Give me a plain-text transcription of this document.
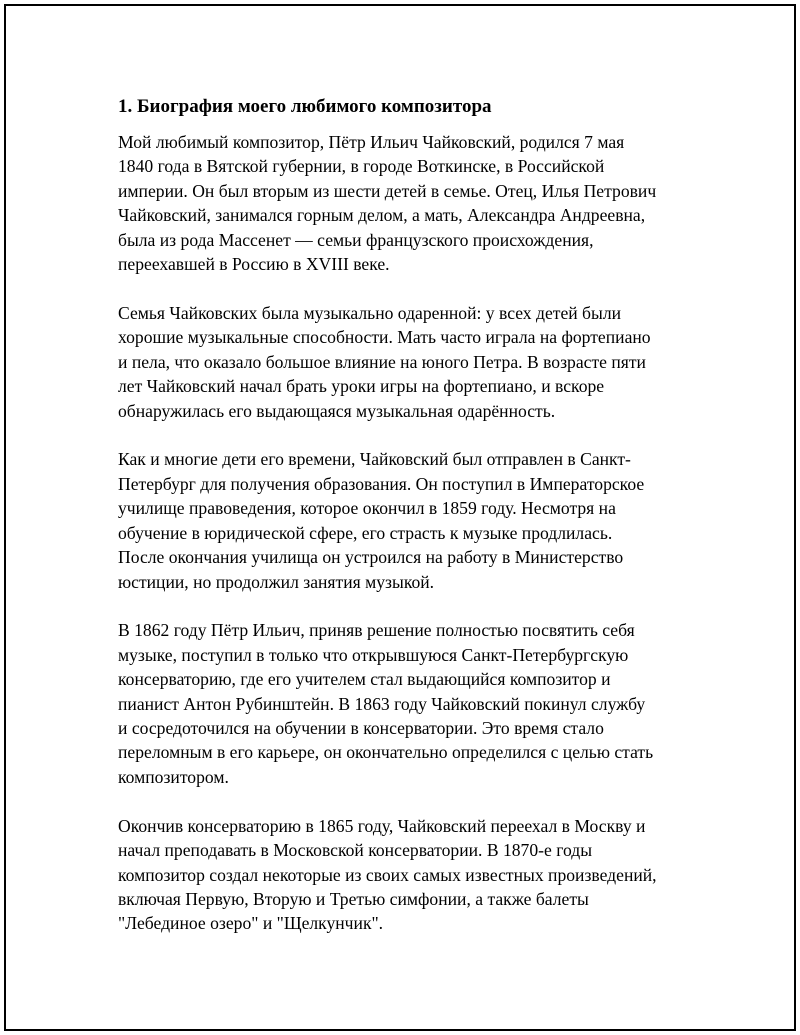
1. Биография моего любимого композитора
Мой любимый композитор, Пётр Ильич Чайковский, родился 7 мая
1840 года в Вятской губернии, в городе Воткинске, в Российской
империи. Он был вторым из шести детей в семье. Отец, Илья Петрович
Чайковский, занимался горным делом, а мать, Александра Андреевна,
была из рода Массенет — семьи французского происхождения,
переехавшей в Россию в XVIII веке.
Семья Чайковских была музыкально одаренной: у всех детей были
хорошие музыкальные способности. Мать часто играла на фортепиано
и пела, что оказало большое влияние на юного Петра. В возрасте пяти
лет Чайковский начал брать уроки игры на фортепиано, и вскоре
обнаружилась его выдающаяся музыкальная одарённость.
Как и многие дети его времени, Чайковский был отправлен в Санкт-
Петербург для получения образования. Он поступил в Императорское
училище правоведения, которое окончил в 1859 году. Несмотря на
обучение в юридической сфере, его страсть к музыке продлилась.
После окончания училища он устроился на работу в Министерство
юстиции, но продолжил занятия музыкой.
В 1862 году Пётр Ильич, приняв решение полностью посвятить себя
музыке, поступил в только что открывшуюся Санкт-Петербургскую
консерваторию, где его учителем стал выдающийся композитор и
пианист Антон Рубинштейн. В 1863 году Чайковский покинул службу
и сосредоточился на обучении в консерватории. Это время стало
переломным в его карьере, он окончательно определился с целью стать
композитором.
Окончив консерваторию в 1865 году, Чайковский переехал в Москву и
начал преподавать в Московской консерватории. В 1870-е годы
композитор создал некоторые из своих самых известных произведений,
включая Первую, Вторую и Третью симфонии, а также балеты
"Лебединое озеро" и "Щелкунчик".
